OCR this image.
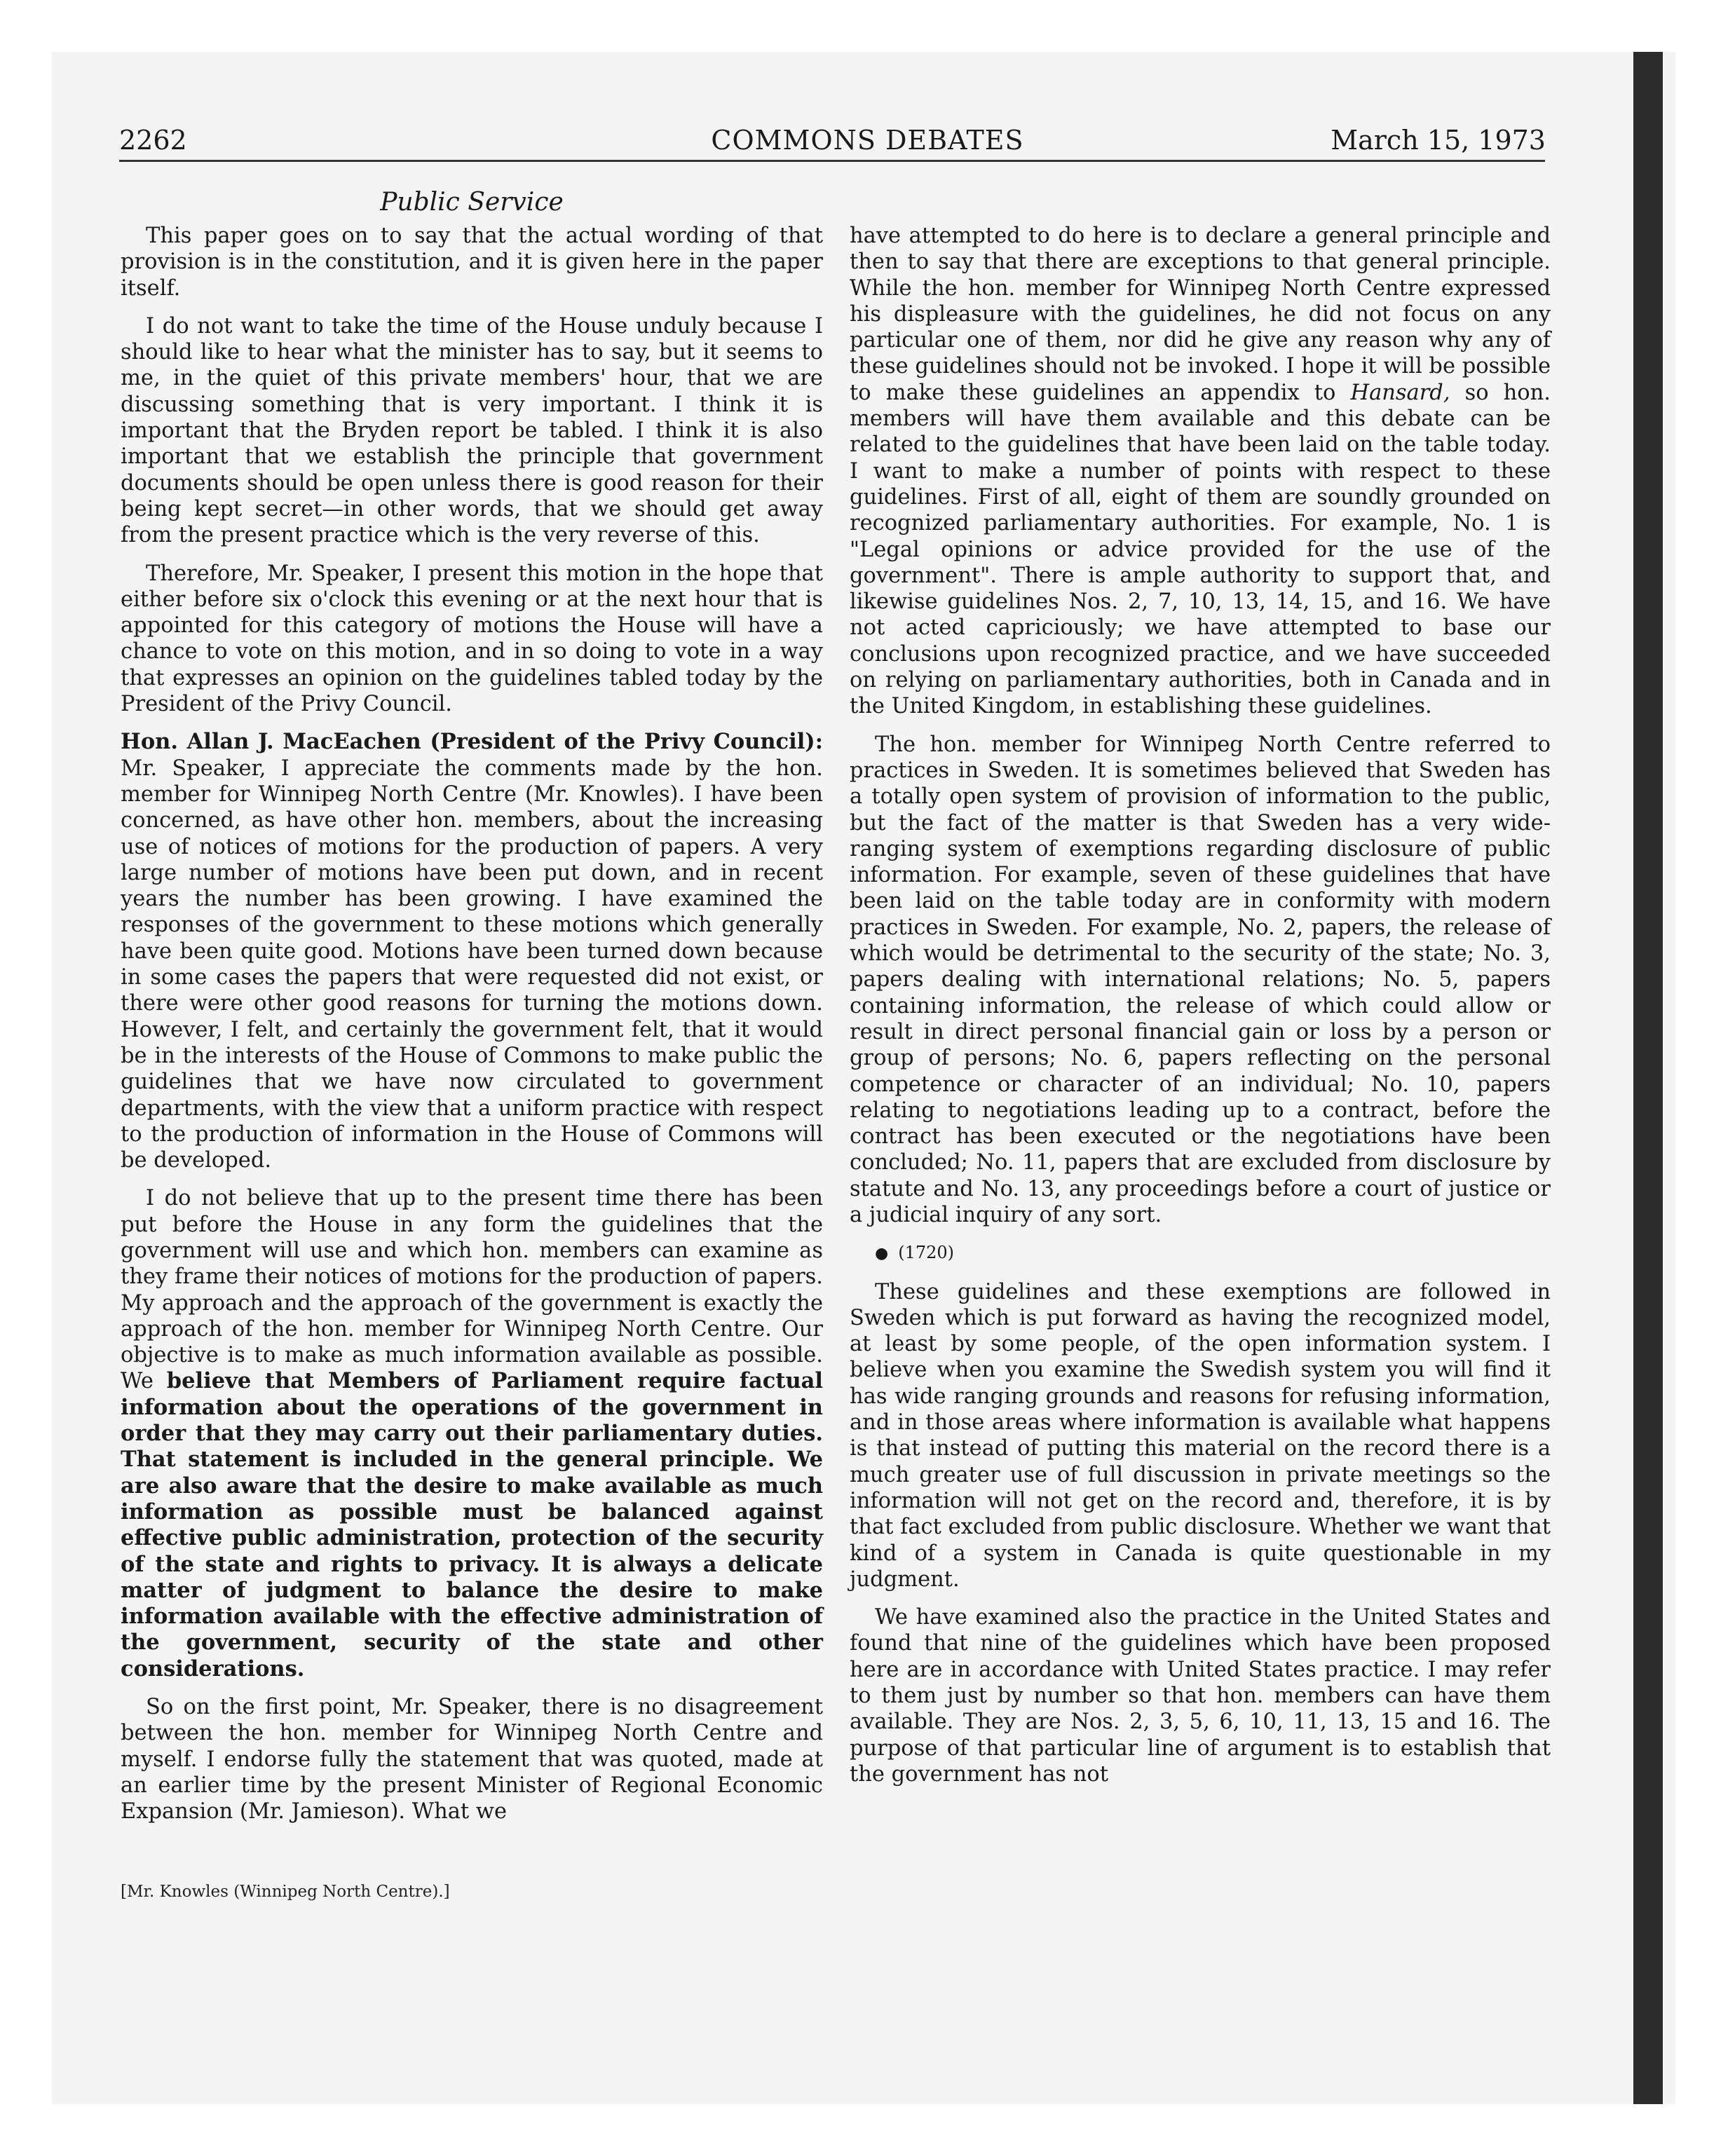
2262	COMMONS DEBATES	March 15, 1973
Public Service

This paper goes on to say that the actual wording of that provision is in the constitution, and it is given here in the paper itself.

I do not want to take the time of the House unduly because I should like to hear what the minister has to say, but it seems to me, in the quiet of this private members' hour, that we are discussing something that is very important. I think it is important that the Bryden report be tabled. I think it is also important that we establish the principle that government documents should be open unless there is good reason for their being kept secret—in other words, that we should get away from the present practice which is the very reverse of this.

Therefore, Mr. Speaker, I present this motion in the hope that either before six o'clock this evening or at the next hour that is appointed for this category of motions the House will have a chance to vote on this motion, and in so doing to vote in a way that expresses an opinion on the guidelines tabled today by the President of the Privy Council.

Hon. Allan J. MacEachen (President of the Privy Council): Mr. Speaker, I appreciate the comments made by the hon. member for Winnipeg North Centre (Mr. Knowles). I have been concerned, as have other hon. members, about the increasing use of notices of motions for the production of papers. A very large number of motions have been put down, and in recent years the number has been growing. I have examined the responses of the government to these motions which generally have been quite good. Motions have been turned down because in some cases the papers that were requested did not exist, or there were other good reasons for turning the motions down. However, I felt, and certainly the government felt, that it would be in the interests of the House of Commons to make public the guidelines that we have now circulated to government departments, with the view that a uniform practice with respect to the production of information in the House of Commons will be developed.

I do not believe that up to the present time there has been put before the House in any form the guidelines that the government will use and which hon. members can examine as they frame their notices of motions for the production of papers. My approach and the approach of the government is exactly the approach of the hon. member for Winnipeg North Centre. Our objective is to make as much information available as possible. We believe that Members of Parliament require factual information about the operations of the government in order that they may carry out their parliamentary duties. That statement is included in the general principle. We are also aware that the desire to make available as much information as possible must be balanced against effective public administration, protection of the security of the state and rights to privacy. It is always a delicate matter of judgment to balance the desire to make information available with the effective administration of the government, security of the state and other considerations.

So on the first point, Mr. Speaker, there is no disagreement between the hon. member for Winnipeg North Centre and myself. I endorse fully the statement that was quoted, made at an earlier time by the present Minister of Regional Economic Expansion (Mr. Jamieson). What we

have attempted to do here is to declare a general principle and then to say that there are exceptions to that general principle. While the hon. member for Winnipeg North Centre expressed his displeasure with the guidelines, he did not focus on any particular one of them, nor did he give any reason why any of these guidelines should not be invoked. I hope it will be possible to make these guidelines an appendix to Hansard, so hon. members will have them available and this debate can be related to the guidelines that have been laid on the table today. I want to make a number of points with respect to these guidelines. First of all, eight of them are soundly grounded on recognized parliamentary authorities. For example, No. 1 is "Legal opinions or advice provided for the use of the government". There is ample authority to support that, and likewise guidelines Nos. 2, 7, 10, 13, 14, 15, and 16. We have not acted capriciously; we have attempted to base our conclusions upon recognized practice, and we have succeeded on relying on parliamentary authorities, both in Canada and in the United Kingdom, in establishing these guidelines.

The hon. member for Winnipeg North Centre referred to practices in Sweden. It is sometimes believed that Sweden has a totally open system of provision of information to the public, but the fact of the matter is that Sweden has a very wide-ranging system of exemptions regarding disclosure of public information. For example, seven of these guidelines that have been laid on the table today are in conformity with modern practices in Sweden. For example, No. 2, papers, the release of which would be detrimental to the security of the state; No. 3, papers dealing with international relations; No. 5, papers containing information, the release of which could allow or result in direct personal financial gain or loss by a person or group of persons; No. 6, papers reflecting on the personal competence or character of an individual; No. 10, papers relating to negotiations leading up to a contract, before the contract has been executed or the negotiations have been concluded; No. 11, papers that are excluded from disclosure by statute and No. 13, any proceedings before a court of justice or a judicial inquiry of any sort.

● (1720)

These guidelines and these exemptions are followed in Sweden which is put forward as having the recognized model, at least by some people, of the open information system. I believe when you examine the Swedish system you will find it has wide ranging grounds and reasons for refusing information, and in those areas where information is available what happens is that instead of putting this material on the record there is a much greater use of full discussion in private meetings so the information will not get on the record and, therefore, it is by that fact excluded from public disclosure. Whether we want that kind of a system in Canada is quite questionable in my judgment.

We have examined also the practice in the United States and found that nine of the guidelines which have been proposed here are in accordance with United States practice. I may refer to them just by number so that hon. members can have them available. They are Nos. 2, 3, 5, 6, 10, 11, 13, 15 and 16. The purpose of that particular line of argument is to establish that the government has not

[Mr. Knowles (Winnipeg North Centre).]
